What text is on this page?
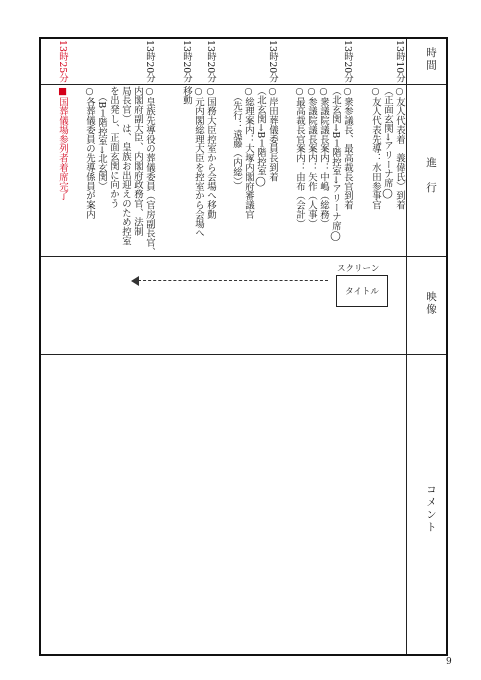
時間
進　行
映像
コメント
13時10分
○友人代表着　義偉氏）到着
（正面玄関→アリーナ席◯
○友人代表先導：水田参事官
13時20分
○衆参議長、最高裁長官到着
（北玄関→B１階控室→アリーナ席◯
○衆議院議長案内：中嶋（総務）
○参議院議長案内：矢作（人事）
○最高裁長官案内：由布（会計）
13時20分
○岸田葬儀委員長到着
（北玄関→B１階控室◯
○総理案内：大塚内閣府審議官
（先行：遠藤（内総））
13時20分
○国務大臣控室から会場へ移動
13時20分
○元内閣総理大臣を控室から会場へ移動
13時20分
○皇族先導役の葬儀委員（官房副長官、
内閣府副大臣、内閣府政務官、法制
局長官）は、皇族お出迎えのため控室
を出発し、正面玄関に向かう
（B１階控室→北玄関）
○各葬儀委員の先導係員が案内
13時25分
■国葬儀場参列者着席完了
スクリーン
タイトル
9
